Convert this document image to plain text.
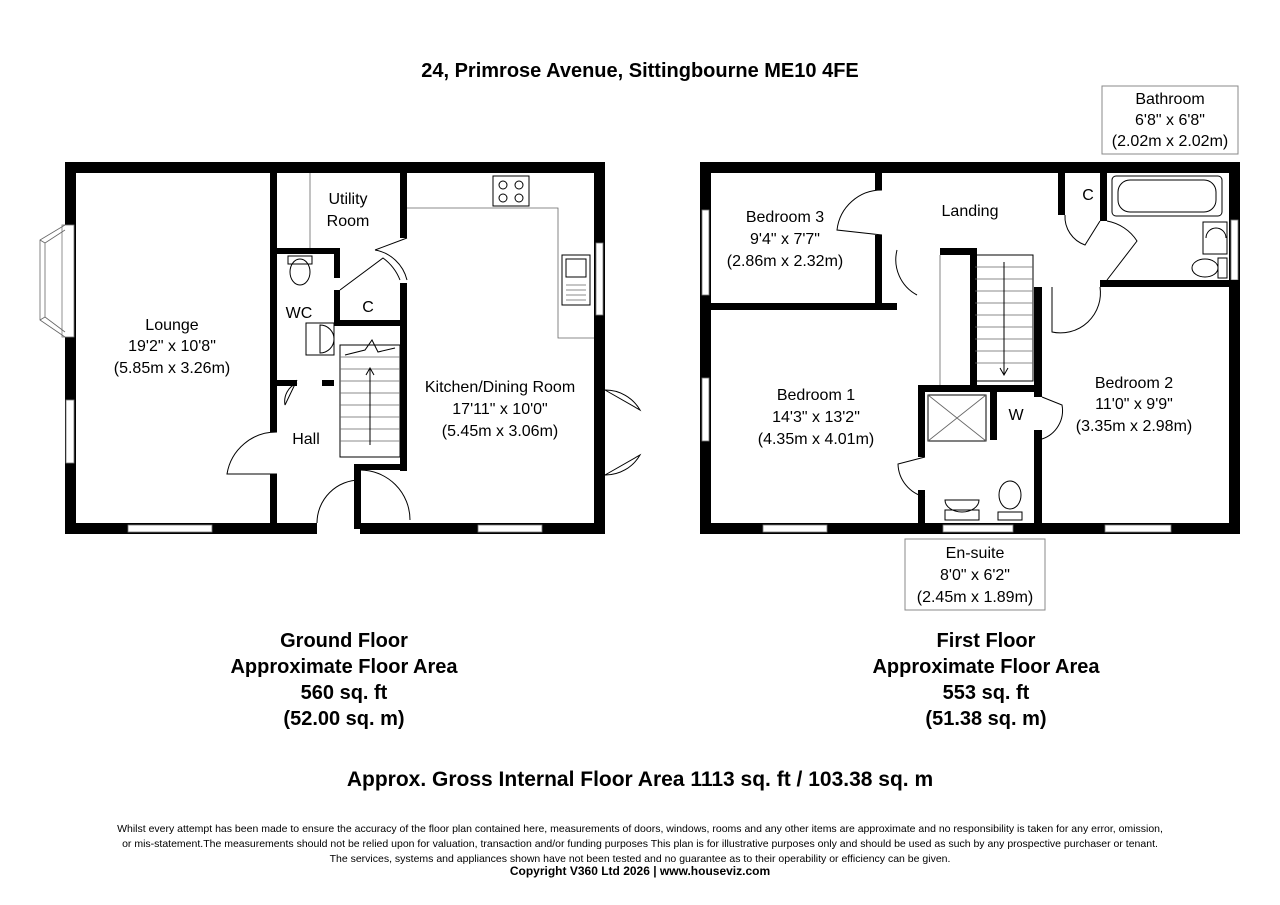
24, Primrose Avenue, Sittingbourne ME10 4FE
Lounge
19'2" x 10'8"
(5.85m x 3.26m)
Utility
Room
WC	C
Hall
Kitchen/Dining Room
17'11" x 10'0"
(5.45m x 3.06m)
Bedroom 3
9'4" x 7'7"
(2.86m x 2.32m)
Landing
C
Bathroom
6'8" x 6'8"
(2.02m x 2.02m)
Bedroom 1
14'3" x 13'2"
(4.35m x 4.01m)
W
Bedroom 2
11'0" x 9'9"
(3.35m x 2.98m)
En-suite
8'0" x 6'2"
(2.45m x 1.89m)
Ground Floor
Approximate Floor Area
560 sq. ft
(52.00 sq. m)
First Floor
Approximate Floor Area
553 sq. ft
(51.38 sq. m)
Approx. Gross Internal Floor Area 1113 sq. ft / 103.38 sq. m
Whilst every attempt has been made to ensure the accuracy of the floor plan contained here, measurements of doors, windows, rooms and any other items are approximate and no responsibility is taken for any error, omission,
or mis-statement.The measurements should not be relied upon for valuation, transaction and/or funding purposes This plan is for illustrative purposes only and should be used as such by any prospective purchaser or tenant.
The services, systems and appliances shown have not been tested and no guarantee as to their operability or efficiency can be given.
Copyright V360 Ltd 2026 | www.houseviz.com
